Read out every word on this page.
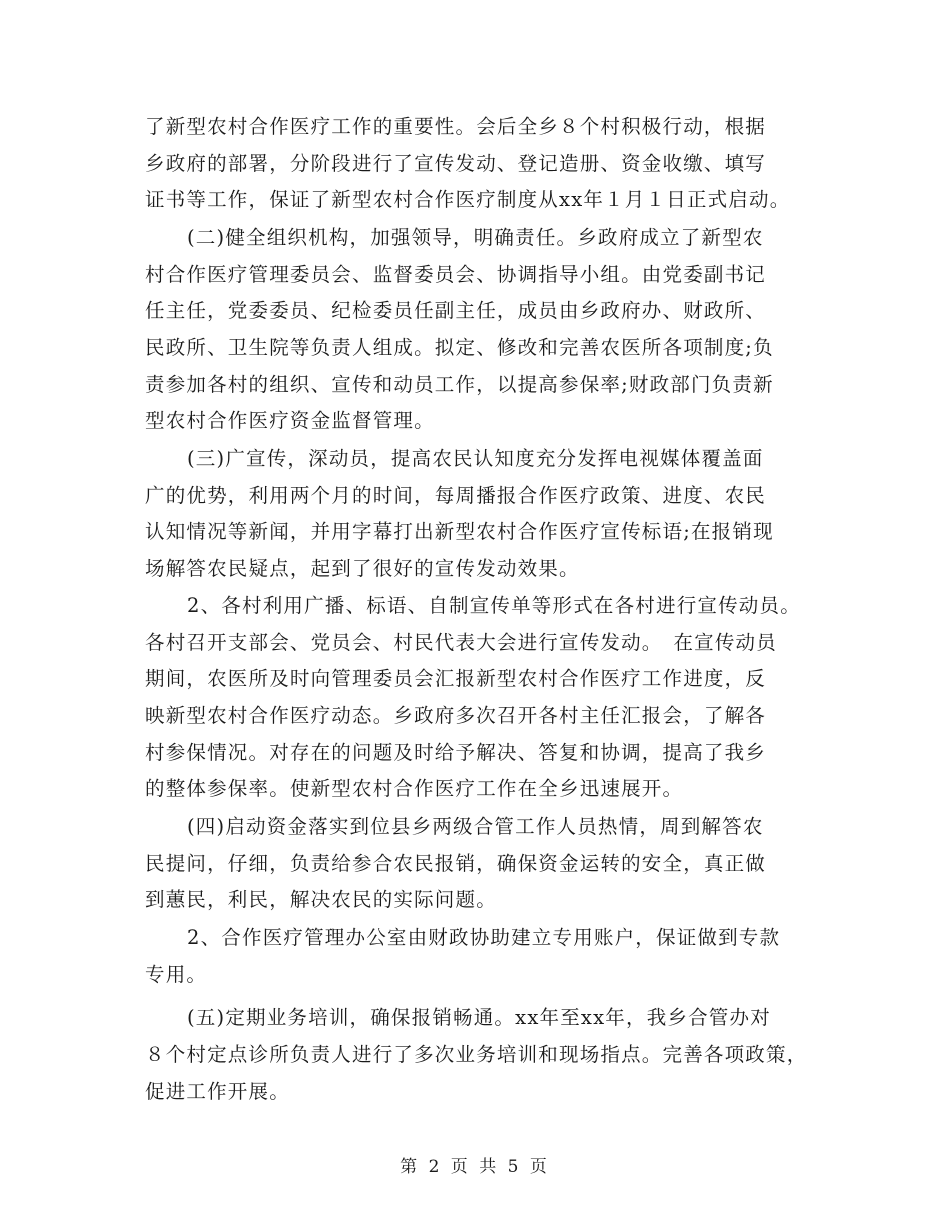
了新型农村合作医疗工作的重要性。会后全乡８个村积极行动，根据
乡政府的部署，分阶段进行了宣传发动、登记造册、资金收缴、填写
证书等工作，保证了新型农村合作医疗制度从xx年１月１日正式启动。
(二)健全组织机构，加强领导，明确责任。乡政府成立了新型农
村合作医疗管理委员会、监督委员会、协调指导小组。由党委副书记
任主任，党委委员、纪检委员任副主任，成员由乡政府办、财政所、
民政所、卫生院等负责人组成。拟定、修改和完善农医所各项制度;负
责参加各村的组织、宣传和动员工作，以提高参保率;财政部门负责新
型农村合作医疗资金监督管理。
(三)广宣传，深动员，提高农民认知度充分发挥电视媒体覆盖面
广的优势，利用两个月的时间，每周播报合作医疗政策、进度、农民
认知情况等新闻，并用字幕打出新型农村合作医疗宣传标语;在报销现
场解答农民疑点，起到了很好的宣传发动效果。
2、各村利用广播、标语、自制宣传单等形式在各村进行宣传动员。
各村召开支部会、党员会、村民代表大会进行宣传发动。　在宣传动员
期间，农医所及时向管理委员会汇报新型农村合作医疗工作进度，反
映新型农村合作医疗动态。乡政府多次召开各村主任汇报会，了解各
村参保情况。对存在的问题及时给予解决、答复和协调，提高了我乡
的整体参保率。使新型农村合作医疗工作在全乡迅速展开。
(四)启动资金落实到位县乡两级合管工作人员热情，周到解答农
民提问，仔细，负责给参合农民报销，确保资金运转的安全，真正做
到蕙民，利民，解决农民的实际问题。
2、合作医疗管理办公室由财政协助建立专用账户，保证做到专款
专用。
(五)定期业务培训，确保报销畅通。xx年至xx年，我乡合管办对
８个村定点诊所负责人进行了多次业务培训和现场指点。完善各项政策，
促进工作开展。
第 2 页 共 5 页
